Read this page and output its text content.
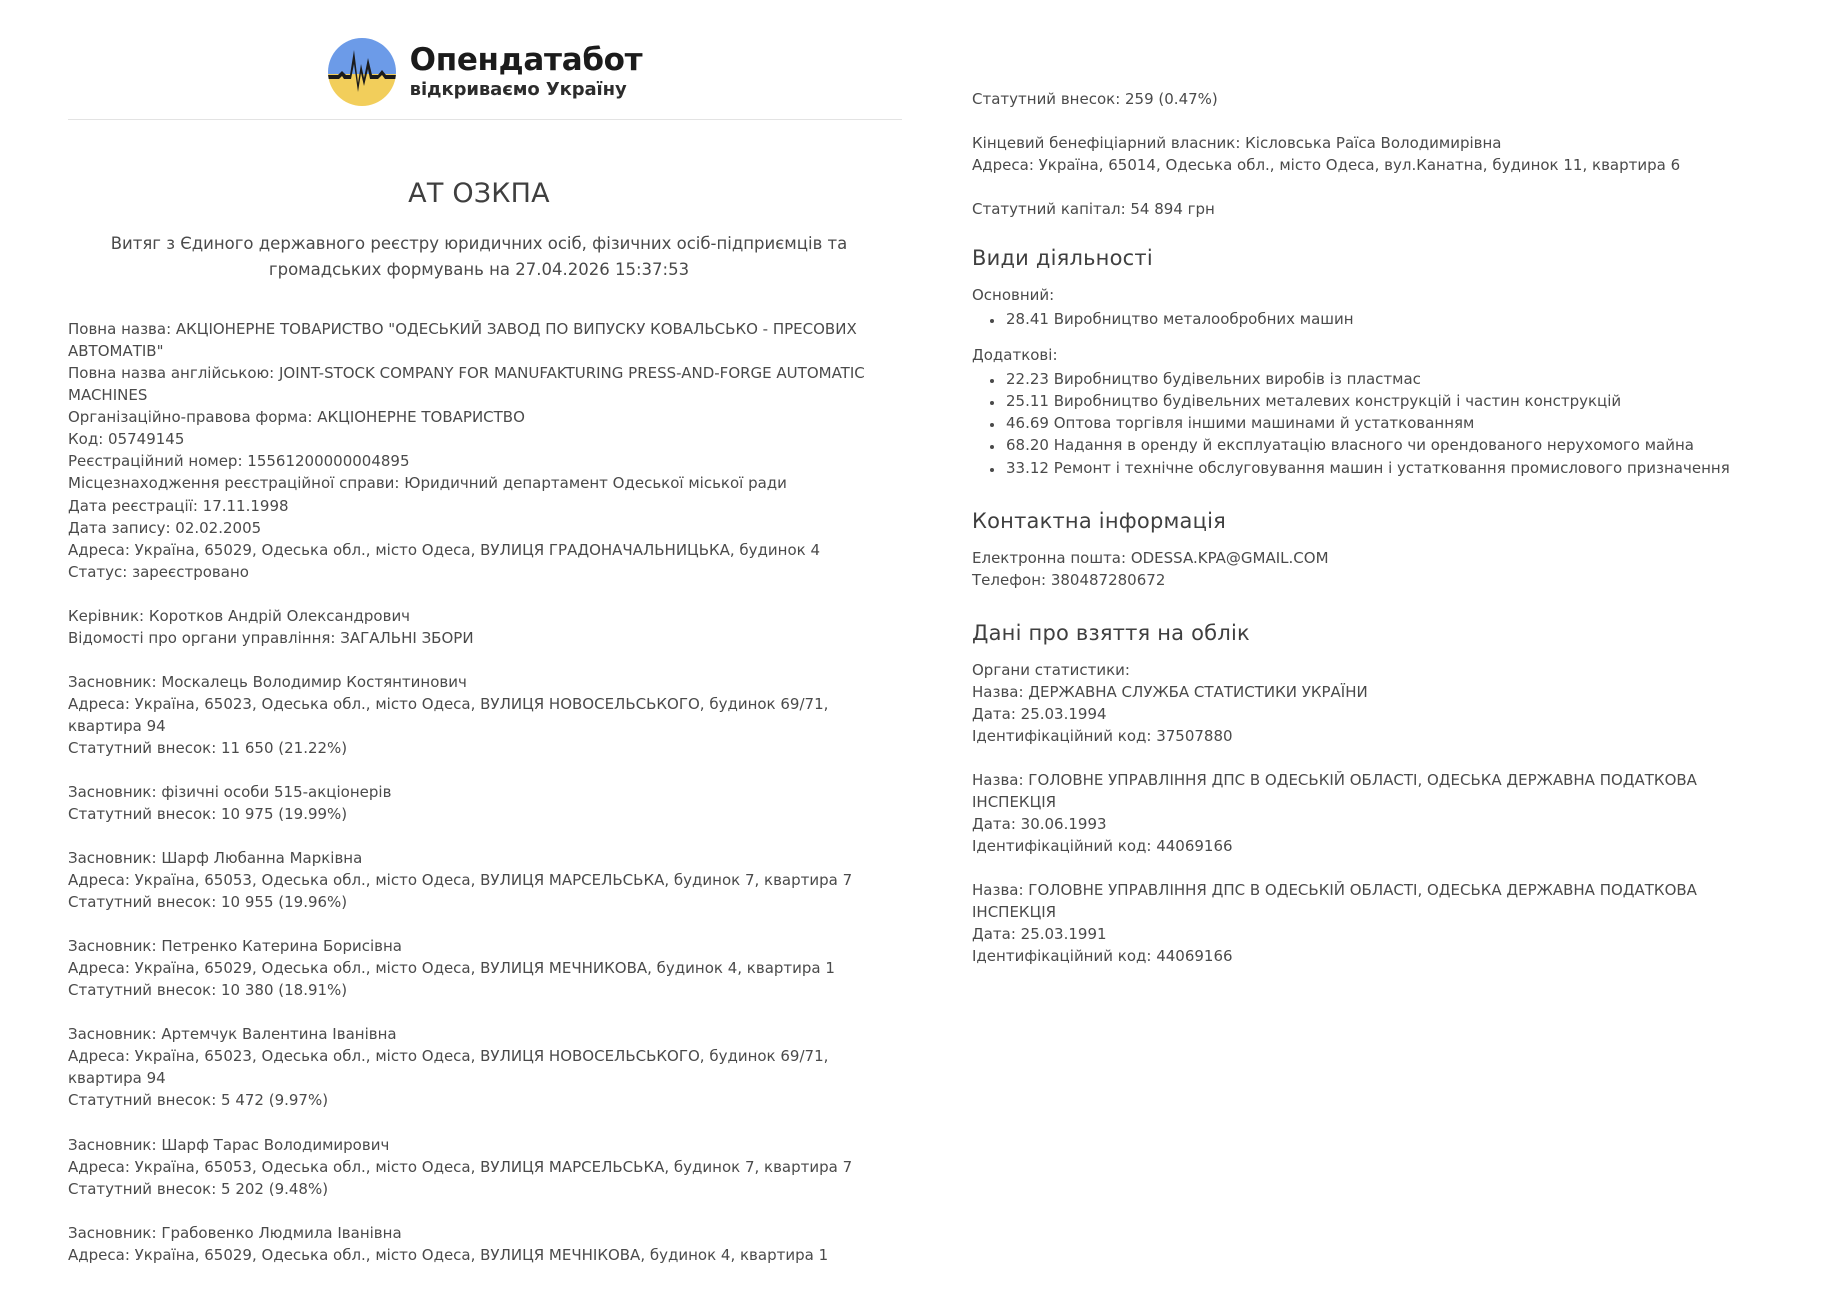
Опендатабот
відкриваємо Україну
АТ ОЗКПА

Витяг з Єдиного державного реєстру юридичних осіб, фізичних осіб-підприємців та громадських формувань на 27.04.2026 15:37:53

Повна назва: АКЦІОНЕРНЕ ТОВАРИСТВО "ОДЕСЬКИЙ ЗАВОД ПО ВИПУСКУ КОВАЛЬСЬКО - ПРЕСОВИХ АВТОМАТІВ"

Повна назва англійською: JOINT-STOCK COMPANY FOR MANUFAKTURING PRESS-AND-FORGE AUTOMATIC MACHINES

Організаційно-правова форма: АКЦІОНЕРНЕ ТОВАРИСТВО

Код: 05749145

Реєстраційний номер: 15561200000004895

Місцезнаходження реєстраційної справи: Юридичний департамент Одеської міської ради

Дата реєстрації: 17.11.1998

Дата запису: 02.02.2005

Адреса: Україна, 65029, Одеська обл., місто Одеса, ВУЛИЦЯ ГРАДОНАЧАЛЬНИЦЬКА, будинок 4

Статус: зареєстровано

Керівник: Коротков Андрій Олександрович

Відомості про органи управління: ЗАГАЛЬНІ ЗБОРИ

Засновник: Москалець Володимир Костянтинович

Адреса: Україна, 65023, Одеська обл., місто Одеса, ВУЛИЦЯ НОВОСЕЛЬСЬКОГО, будинок 69/71, квартира 94

Статутний внесок: 11 650 (21.22%)

Засновник: фізичні особи 515-акціонерів

Статутний внесок: 10 975 (19.99%)

Засновник: Шарф Любанна Марківна

Адреса: Україна, 65053, Одеська обл., місто Одеса, ВУЛИЦЯ МАРСЕЛЬСЬКА, будинок 7, квартира 7

Статутний внесок: 10 955 (19.96%)

Засновник: Петренко Катерина Борисівна

Адреса: Україна, 65029, Одеська обл., місто Одеса, ВУЛИЦЯ МЕЧНИКОВА, будинок 4, квартира 1

Статутний внесок: 10 380 (18.91%)

Засновник: Артемчук Валентина Іванівна

Адреса: Україна, 65023, Одеська обл., місто Одеса, ВУЛИЦЯ НОВОСЕЛЬСЬКОГО, будинок 69/71, квартира 94

Статутний внесок: 5 472 (9.97%)

Засновник: Шарф Тарас Володимирович

Адреса: Україна, 65053, Одеська обл., місто Одеса, ВУЛИЦЯ МАРСЕЛЬСЬКА, будинок 7, квартира 7

Статутний внесок: 5 202 (9.48%)

Засновник: Грабовенко Людмила Іванівна

Адреса: Україна, 65029, Одеська обл., місто Одеса, ВУЛИЦЯ МЕЧНІКОВА, будинок 4, квартира 1

Статутний внесок: 259 (0.47%)

Кінцевий бенефіціарний власник: Кісловська Раїса Володимирівна

Адреса: Україна, 65014, Одеська обл., місто Одеса, вул.Канатна, будинок 11, квартира 6

Статутний капітал: 54 894 грн

Види діяльності

Основний:

• 28.41 Виробництво металообробних машин

Додаткові:

• 22.23 Виробництво будівельних виробів із пластмас
• 25.11 Виробництво будівельних металевих конструкцій і частин конструкцій
• 46.69 Оптова торгівля іншими машинами й устаткованням
• 68.20 Надання в оренду й експлуатацію власного чи орендованого нерухомого майна
• 33.12 Ремонт і технічне обслуговування машин і устатковання промислового призначення
Контактна інформація

Електронна пошта: ODESSA.KPA@GMAIL.COM

Телефон: 380487280672

Дані про взяття на облік

Органи статистики:

Назва: ДЕРЖАВНА СЛУЖБА СТАТИСТИКИ УКРАЇНИ

Дата: 25.03.1994

Ідентифікаційний код: 37507880

Назва: ГОЛОВНЕ УПРАВЛІННЯ ДПС В ОДЕСЬКІЙ ОБЛАСТІ, ОДЕСЬКА ДЕРЖАВНА ПОДАТКОВА ІНСПЕКЦІЯ

Дата: 30.06.1993

Ідентифікаційний код: 44069166

Назва: ГОЛОВНЕ УПРАВЛІННЯ ДПС В ОДЕСЬКІЙ ОБЛАСТІ, ОДЕСЬКА ДЕРЖАВНА ПОДАТКОВА ІНСПЕКЦІЯ

Дата: 25.03.1991

Ідентифікаційний код: 44069166
